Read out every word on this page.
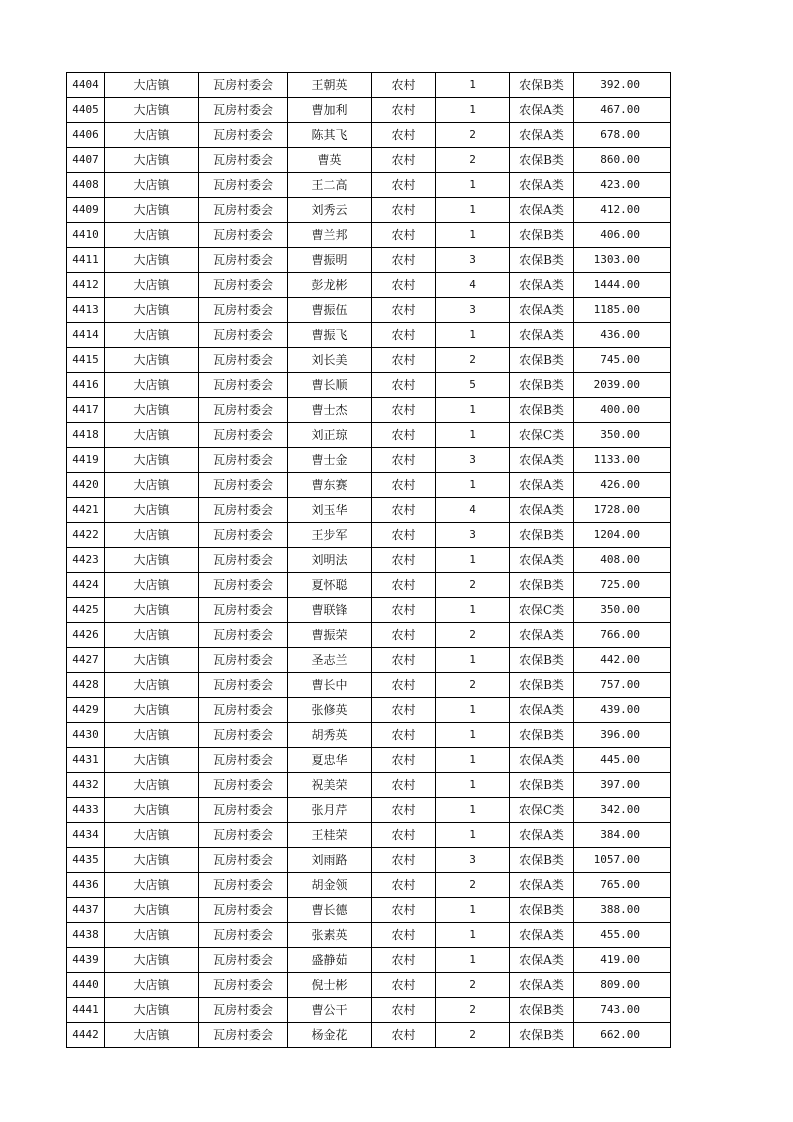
4404	大店镇	瓦房村委会	王朝英	农村	1	农保B类	392.00
4405	大店镇	瓦房村委会	曹加利	农村	1	农保A类	467.00
4406	大店镇	瓦房村委会	陈其飞	农村	2	农保A类	678.00
4407	大店镇	瓦房村委会	曹英	农村	2	农保B类	860.00
4408	大店镇	瓦房村委会	王二高	农村	1	农保A类	423.00
4409	大店镇	瓦房村委会	刘秀云	农村	1	农保A类	412.00
4410	大店镇	瓦房村委会	曹兰邦	农村	1	农保B类	406.00
4411	大店镇	瓦房村委会	曹振明	农村	3	农保B类	1303.00
4412	大店镇	瓦房村委会	彭龙彬	农村	4	农保A类	1444.00
4413	大店镇	瓦房村委会	曹振伍	农村	3	农保A类	1185.00
4414	大店镇	瓦房村委会	曹振飞	农村	1	农保A类	436.00
4415	大店镇	瓦房村委会	刘长美	农村	2	农保B类	745.00
4416	大店镇	瓦房村委会	曹长顺	农村	5	农保B类	2039.00
4417	大店镇	瓦房村委会	曹士杰	农村	1	农保B类	400.00
4418	大店镇	瓦房村委会	刘正琼	农村	1	农保C类	350.00
4419	大店镇	瓦房村委会	曹士金	农村	3	农保A类	1133.00
4420	大店镇	瓦房村委会	曹东赛	农村	1	农保A类	426.00
4421	大店镇	瓦房村委会	刘玉华	农村	4	农保A类	1728.00
4422	大店镇	瓦房村委会	王步军	农村	3	农保B类	1204.00
4423	大店镇	瓦房村委会	刘明法	农村	1	农保A类	408.00
4424	大店镇	瓦房村委会	夏怀聪	农村	2	农保B类	725.00
4425	大店镇	瓦房村委会	曹联锋	农村	1	农保C类	350.00
4426	大店镇	瓦房村委会	曹振荣	农村	2	农保A类	766.00
4427	大店镇	瓦房村委会	圣志兰	农村	1	农保B类	442.00
4428	大店镇	瓦房村委会	曹长中	农村	2	农保B类	757.00
4429	大店镇	瓦房村委会	张修英	农村	1	农保A类	439.00
4430	大店镇	瓦房村委会	胡秀英	农村	1	农保B类	396.00
4431	大店镇	瓦房村委会	夏忠华	农村	1	农保A类	445.00
4432	大店镇	瓦房村委会	祝美荣	农村	1	农保B类	397.00
4433	大店镇	瓦房村委会	张月芹	农村	1	农保C类	342.00
4434	大店镇	瓦房村委会	王桂荣	农村	1	农保A类	384.00
4435	大店镇	瓦房村委会	刘雨路	农村	3	农保B类	1057.00
4436	大店镇	瓦房村委会	胡金领	农村	2	农保A类	765.00
4437	大店镇	瓦房村委会	曹长德	农村	1	农保B类	388.00
4438	大店镇	瓦房村委会	张素英	农村	1	农保A类	455.00
4439	大店镇	瓦房村委会	盛静茹	农村	1	农保A类	419.00
4440	大店镇	瓦房村委会	倪士彬	农村	2	农保A类	809.00
4441	大店镇	瓦房村委会	曹公干	农村	2	农保B类	743.00
4442	大店镇	瓦房村委会	杨金花	农村	2	农保B类	662.00
